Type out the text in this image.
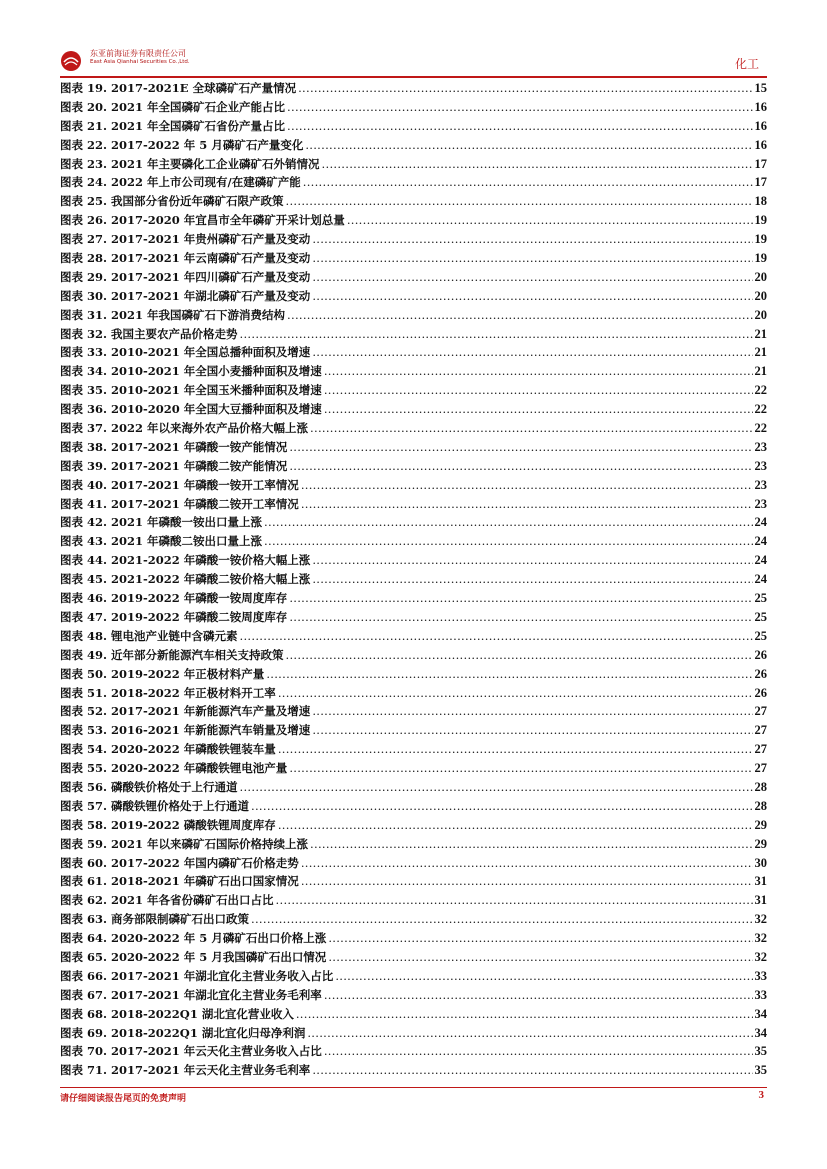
东亚前海证券有限责任公司
East Asia Qianhai Securities Co.,Ltd.	化工
图表 19. 2017-2021E 全球磷矿石产量情况 .....	15
图表 20. 2021 年全国磷矿石企业产能占比 .....	16
图表 21. 2021 年全国磷矿石省份产量占比 .....	16
图表 22. 2017-2022 年 5 月磷矿石产量变化 .....	16
图表 23. 2021 年主要磷化工企业磷矿石外销情况 .....	17
图表 24. 2022 年上市公司现有/在建磷矿产能 .....	17
图表 25. 我国部分省份近年磷矿石限产政策 .....	18
图表 26. 2017-2020 年宜昌市全年磷矿开采计划总量 .....	19
图表 27. 2017-2021 年贵州磷矿石产量及变动 .....	19
图表 28. 2017-2021 年云南磷矿石产量及变动 .....	19
图表 29. 2017-2021 年四川磷矿石产量及变动 .....	20
图表 30. 2017-2021 年湖北磷矿石产量及变动 .....	20
图表 31. 2021 年我国磷矿石下游消费结构 .....	20
图表 32. 我国主要农产品价格走势 .....	21
图表 33. 2010-2021 年全国总播种面积及增速 .....	21
图表 34. 2010-2021 年全国小麦播种面积及增速 .....	21
图表 35. 2010-2021 年全国玉米播种面积及增速 .....	22
图表 36. 2010-2020 年全国大豆播种面积及增速 .....	22
图表 37. 2022 年以来海外农产品价格大幅上涨 .....	22
图表 38. 2017-2021 年磷酸一铵产能情况 .....	23
图表 39. 2017-2021 年磷酸二铵产能情况 .....	23
图表 40. 2017-2021 年磷酸一铵开工率情况 .....	23
图表 41. 2017-2021 年磷酸二铵开工率情况 .....	23
图表 42. 2021 年磷酸一铵出口量上涨 .....	24
图表 43. 2021 年磷酸二铵出口量上涨 .....	24
图表 44. 2021-2022 年磷酸一铵价格大幅上涨 .....	24
图表 45. 2021-2022 年磷酸二铵价格大幅上涨 .....	24
图表 46. 2019-2022 年磷酸一铵周度库存 .....	25
图表 47. 2019-2022 年磷酸二铵周度库存 .....	25
图表 48. 锂电池产业链中含磷元素 .....	25
图表 49. 近年部分新能源汽车相关支持政策 .....	26
图表 50. 2019-2022 年正极材料产量 .....	26
图表 51. 2018-2022 年正极材料开工率 .....	26
图表 52. 2017-2021 年新能源汽车产量及增速 .....	27
图表 53. 2016-2021 年新能源汽车销量及增速 .....	27
图表 54. 2020-2022 年磷酸铁锂装车量 .....	27
图表 55. 2020-2022 年磷酸铁锂电池产量 .....	27
图表 56. 磷酸铁价格处于上行通道 .....	28
图表 57. 磷酸铁锂价格处于上行通道 .....	28
图表 58. 2019-2022 磷酸铁锂周度库存 .....	29
图表 59. 2021 年以来磷矿石国际价格持续上涨 .....	29
图表 60. 2017-2022 年国内磷矿石价格走势 .....	30
图表 61. 2018-2021 年磷矿石出口国家情况 .....	31
图表 62. 2021 年各省份磷矿石出口占比 .....	31
图表 63. 商务部限制磷矿石出口政策 .....	32
图表 64. 2020-2022 年 5 月磷矿石出口价格上涨 .....	32
图表 65. 2020-2022 年 5 月我国磷矿石出口情况 .....	32
图表 66. 2017-2021 年湖北宜化主营业务收入占比 .....	33
图表 67. 2017-2021 年湖北宜化主营业务毛利率 .....	33
图表 68. 2018-2022Q1 湖北宜化营业收入 .....	34
图表 69. 2018-2022Q1 湖北宜化归母净利润 .....	34
图表 70. 2017-2021 年云天化主营业务收入占比 .....	35
图表 71. 2017-2021 年云天化主营业务毛利率 .....	35
请仔细阅读报告尾页的免责声明	3
